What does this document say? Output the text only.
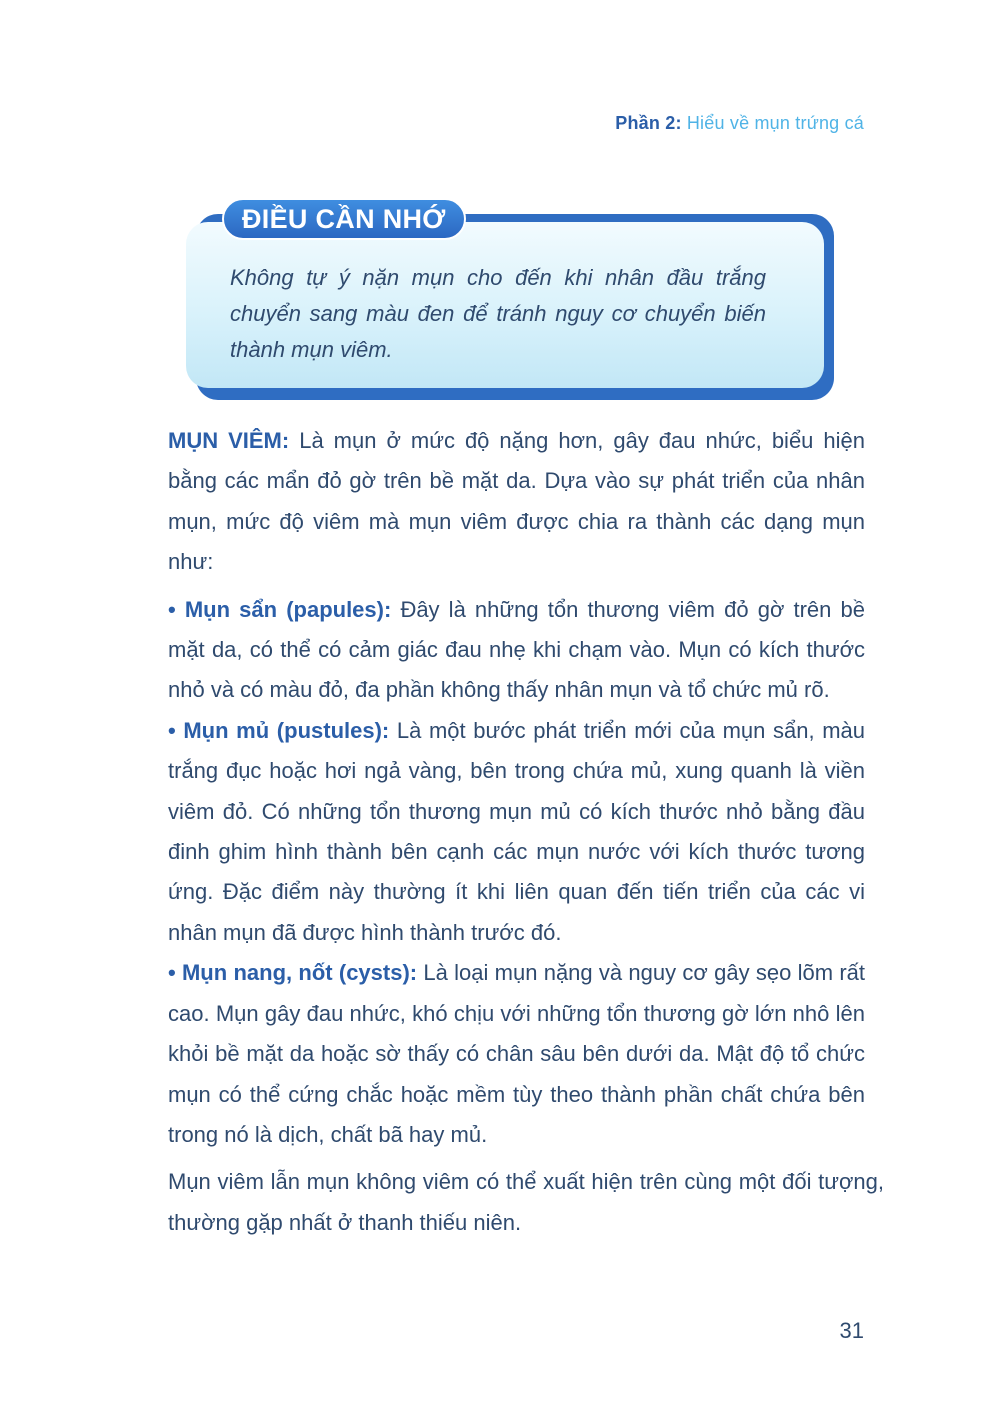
Phần 2: Hiểu về mụn trứng cá
ĐIỀU CẦN NHỚ
Không tự ý nặn mụn cho đến khi nhân đầu trắng chuyển sang màu đen để tránh nguy cơ chuyển biến thành mụn viêm.

MỤN VIÊM: Là mụn ở mức độ nặng hơn, gây đau nhức, biểu hiện bằng các mẩn đỏ gờ trên bề mặt da. Dựa vào sự phát triển của nhân mụn, mức độ viêm mà mụn viêm được chia ra thành các dạng mụn như:

• Mụn sẩn (papules): Đây là những tổn thương viêm đỏ gờ trên bề mặt da, có thể có cảm giác đau nhẹ khi chạm vào. Mụn có kích thước nhỏ và có màu đỏ, đa phần không thấy nhân mụn và tổ chức mủ rõ.

• Mụn mủ (pustules): Là một bước phát triển mới của mụn sẩn, màu trắng đục hoặc hơi ngả vàng, bên trong chứa mủ, xung quanh là viền viêm đỏ. Có những tổn thương mụn mủ có kích thước nhỏ bằng đầu đinh ghim hình thành bên cạnh các mụn nước với kích thước tương ứng. Đặc điểm này thường ít khi liên quan đến tiến triển của các vi nhân mụn đã được hình thành trước đó.

• Mụn nang, nốt (cysts): Là loại mụn nặng và nguy cơ gây sẹo lõm rất cao. Mụn gây đau nhức, khó chịu với những tổn thương gờ lớn nhô lên khỏi bề mặt da hoặc sờ thấy có chân sâu bên dưới da. Mật độ tổ chức mụn có thể cứng chắc hoặc mềm tùy theo thành phần chất chứa bên trong nó là dịch, chất bã hay mủ.

Mụn viêm lẫn mụn không viêm có thể xuất hiện trên cùng một đối tượng, thường gặp nhất ở thanh thiếu niên.

31
